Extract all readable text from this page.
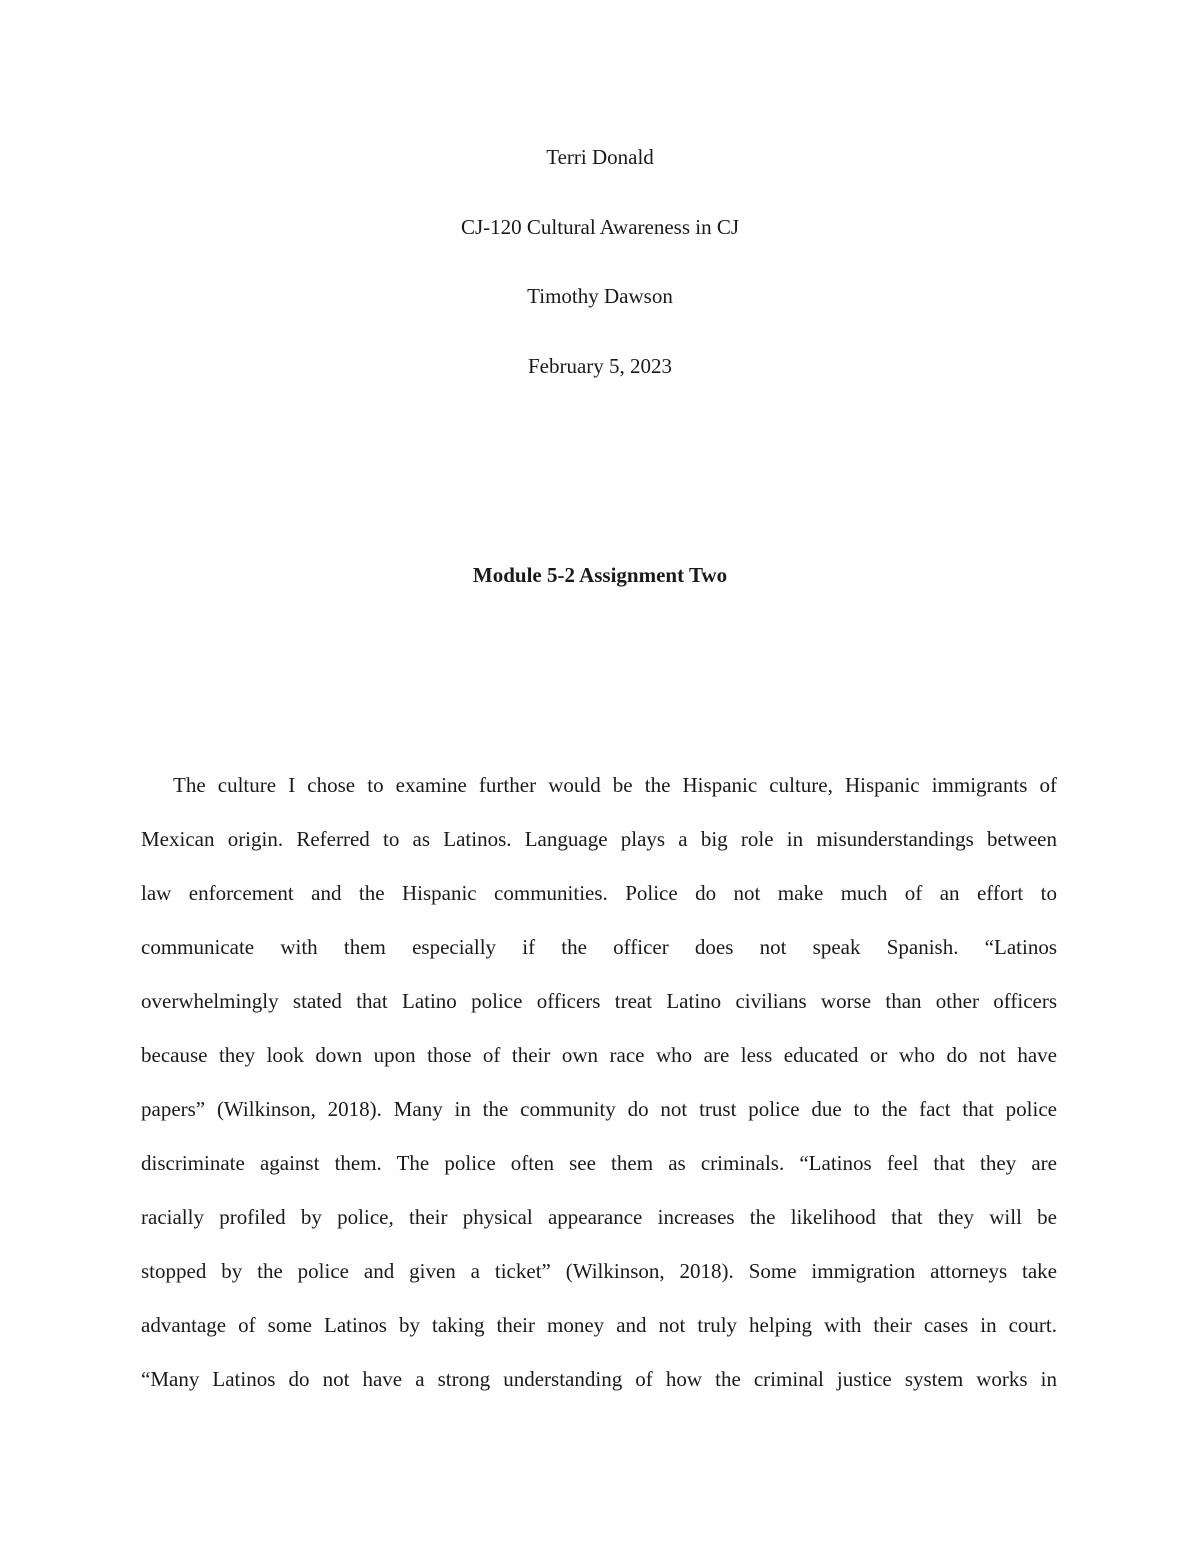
Terri Donald
CJ-120 Cultural Awareness in CJ
Timothy Dawson
February 5, 2023
Module 5-2 Assignment Two
The culture I chose to examine further would be the Hispanic culture, Hispanic immigrants of
Mexican origin. Referred to as Latinos. Language plays a big role in misunderstandings between
law enforcement and the Hispanic communities. Police do not make much of an effort to
communicate with them especially if the officer does not speak Spanish. “Latinos
overwhelmingly stated that Latino police officers treat Latino civilians worse than other officers
because they look down upon those of their own race who are less educated or who do not have
papers” (Wilkinson, 2018). Many in the community do not trust police due to the fact that police
discriminate against them. The police often see them as criminals. “Latinos feel that they are
racially profiled by police, their physical appearance increases the likelihood that they will be
stopped by the police and given a ticket” (Wilkinson, 2018). Some immigration attorneys take
advantage of some Latinos by taking their money and not truly helping with their cases in court.
“Many Latinos do not have a strong understanding of how the criminal justice system works in
